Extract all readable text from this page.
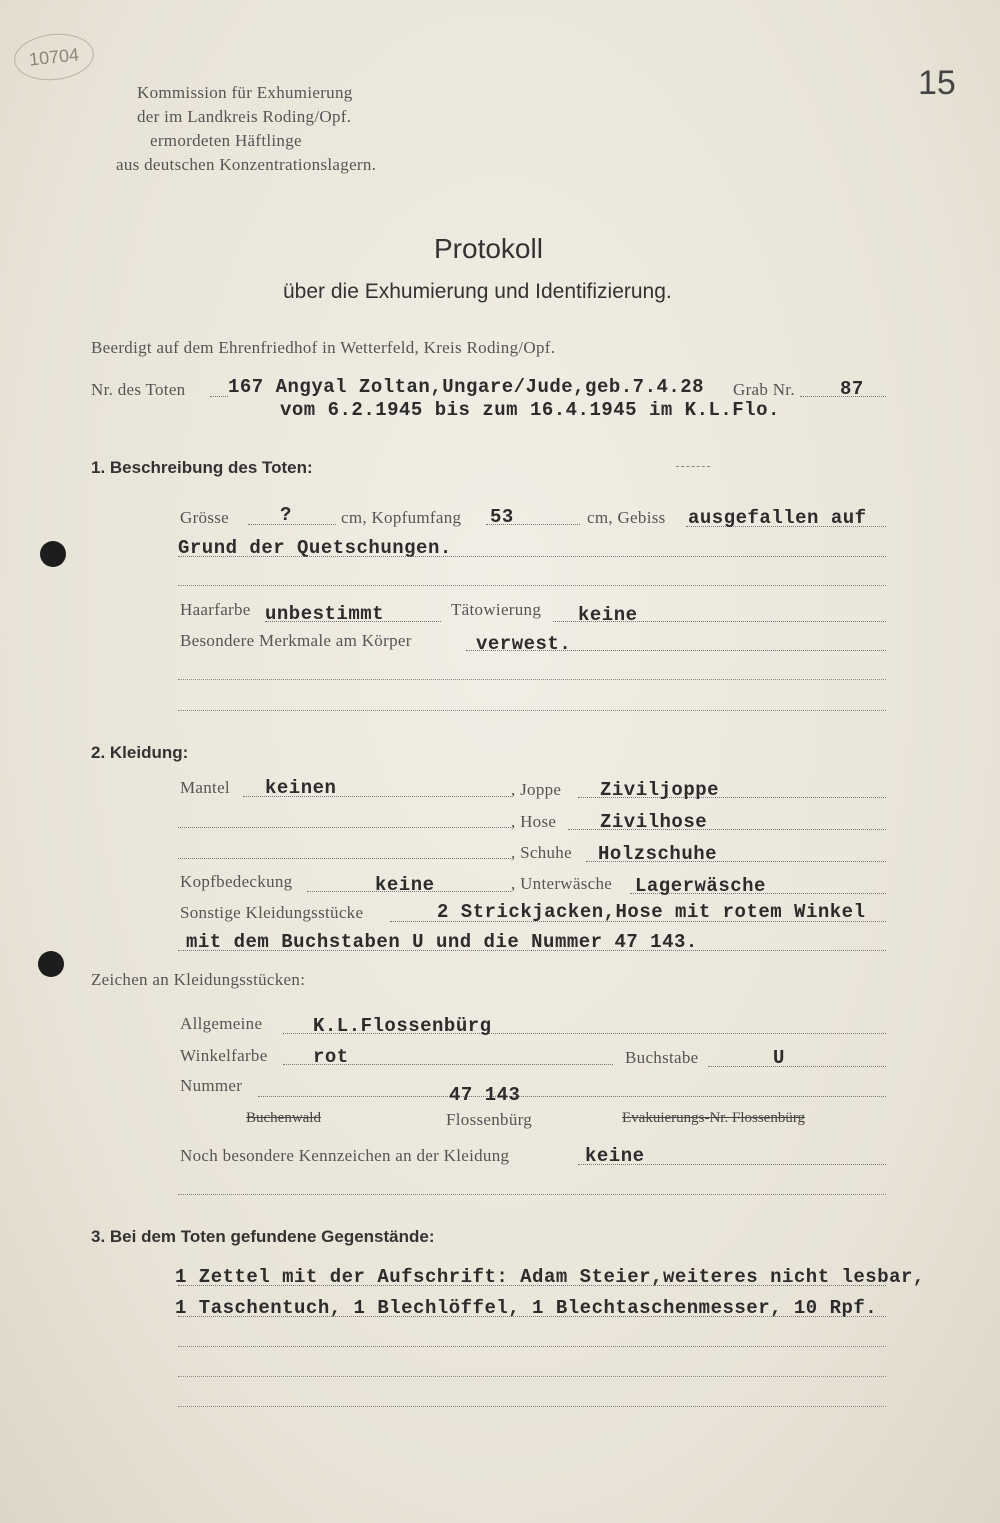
10704
15
Kommission für Exhumierung
der im Landkreis Roding/Opf.
ermordeten Häftlinge
aus deutschen Konzentrationslagern.
Protokoll
über die Exhumierung und Identifizierung.
Beerdigt auf dem Ehrenfriedhof in Wetterfeld, Kreis Roding/Opf.
Nr. des Toten 167 Angyal Zoltan,Ungare/Jude,geb.7.4.28 Grab Nr. 87
vom 6.2.1945 bis zum 16.4.1945 im K.L.Flo.
1. Beschreibung des Toten:
Grösse	?	cm, Kopfumfang 53	cm, Gebiss ausgefallen auf
Grund der Quetschungen.
Haarfarbe unbestimmt	Tätowierung keine
Besondere Merkmale am Körper	verwest.
2. Kleidung:
Mantel keinen	, Joppe Ziviljoppe
, Hose Zivilhose
, Schuhe Holzschuhe
Kopfbedeckung	keine	, Unterwäsche Lagerwäsche
Sonstige Kleidungsstücke	2 Strickjacken,Hose mit rotem Winkel
mit dem Buchstaben U und die Nummer 47 143.
Zeichen an Kleidungsstücken:
Allgemeine	K.L.Flossenbürg
Winkelfarbe rot	Buchstabe	U
Nummer	47 143
Buchenwald	Flossenbürg	Evakuierungs-Nr. Flossenbürg
Noch besondere Kennzeichen an der Kleidung	keine
3. Bei dem Toten gefundene Gegenstände:
1 Zettel mit der Aufschrift: Adam Steier,weiteres nicht lesbar,
1 Taschentuch, 1 Blechlöffel, 1 Blechtaschenmesser, 10 Rpf.
